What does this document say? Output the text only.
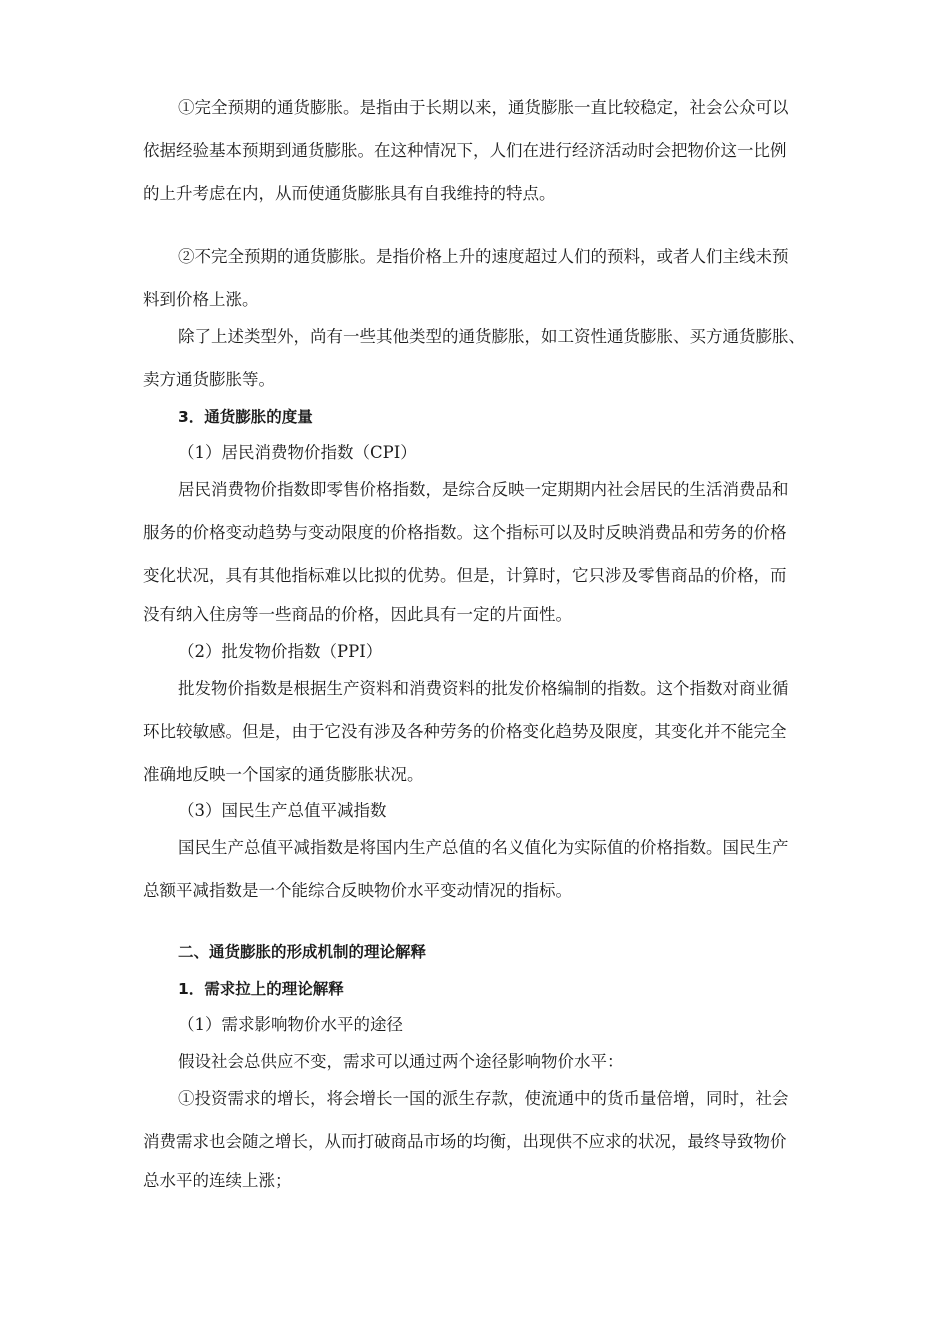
①完全预期的通货膨胀。是指由于长期以来，通货膨胀一直比较稳定，社会公众可以
依据经验基本预期到通货膨胀。在这种情况下，人们在进行经济活动时会把物价这一比例
的上升考虑在内，从而使通货膨胀具有自我维持的特点。
②不完全预期的通货膨胀。是指价格上升的速度超过人们的预料，或者人们主线未预
料到价格上涨。
除了上述类型外，尚有一些其他类型的通货膨胀，如工资性通货膨胀、买方通货膨胀、
卖方通货膨胀等。
3．通货膨胀的度量
（1）居民消费物价指数（CPI）
居民消费物价指数即零售价格指数，是综合反映一定期期内社会居民的生活消费品和
服务的价格变动趋势与变动限度的价格指数。这个指标可以及时反映消费品和劳务的价格
变化状况，具有其他指标难以比拟的优势。但是，计算时，它只涉及零售商品的价格，而
没有纳入住房等一些商品的价格，因此具有一定的片面性。
（2）批发物价指数（PPI）
批发物价指数是根据生产资料和消费资料的批发价格编制的指数。这个指数对商业循
环比较敏感。但是，由于它没有涉及各种劳务的价格变化趋势及限度，其变化并不能完全
准确地反映一个国家的通货膨胀状况。
（3）国民生产总值平减指数
国民生产总值平减指数是将国内生产总值的名义值化为实际值的价格指数。国民生产
总额平减指数是一个能综合反映物价水平变动情况的指标。
二、通货膨胀的形成机制的理论解释
1．需求拉上的理论解释
（1）需求影响物价水平的途径
假设社会总供应不变，需求可以通过两个途径影响物价水平：
①投资需求的增长，将会增长一国的派生存款，使流通中的货币量倍增，同时，社会
消费需求也会随之增长，从而打破商品市场的均衡，出现供不应求的状况，最终导致物价
总水平的连续上涨；
